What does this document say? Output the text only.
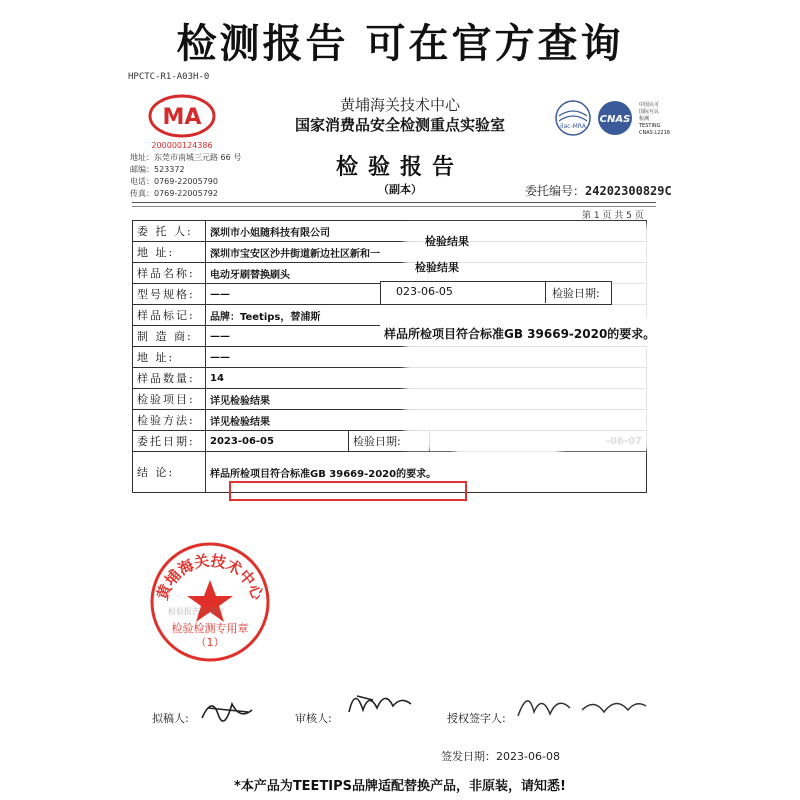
检测报告 可在官方查询
HPCTC-R1-A03H-0
MA
200000124386
黄埔海关技术中心
国家消费品安全检测重点实验室	ilac-MRA
CNAS
中国认可
国际互认
检测
TESTING
CNAS L2218
地址：东莞市南城三元路 66 号
邮编：523372
电话：0769-22005790
传真：0769-22005792
检验报告
（副本）	委托编号：24202300829C
第 1 页 共 5 页
委 托 人:	深圳市小姐随科技有限公司		
地 址:	深圳市宝安区沙井街道新边社区新和一		
样品名称:	电动牙刷替换刷头		
型号规格:	——		
样品标记:	品牌：Teetips，替浦斯		
制 造 商:	——		
地 址:	——		
样品数量:	14		
检验项目:	详见检验结果		
检验方法:	详见检验结果		
委托日期:	2023-06-05	检验日期:	
结 论:	样品所检项目符合标准GB 39669-2020的要求。		
检验结果
检验结果
023-06-05	检验日期:
样品所检项目符合标准GB 39669-2020的要求。
黄埔海关技术中心
检验报告专用章
检验检测专用章
（1）
拟稿人:	审核人:	授权签字人:
签发日期：2023-06-08
*本产品为TEETIPS品牌适配替换产品，非原装，请知悉!
